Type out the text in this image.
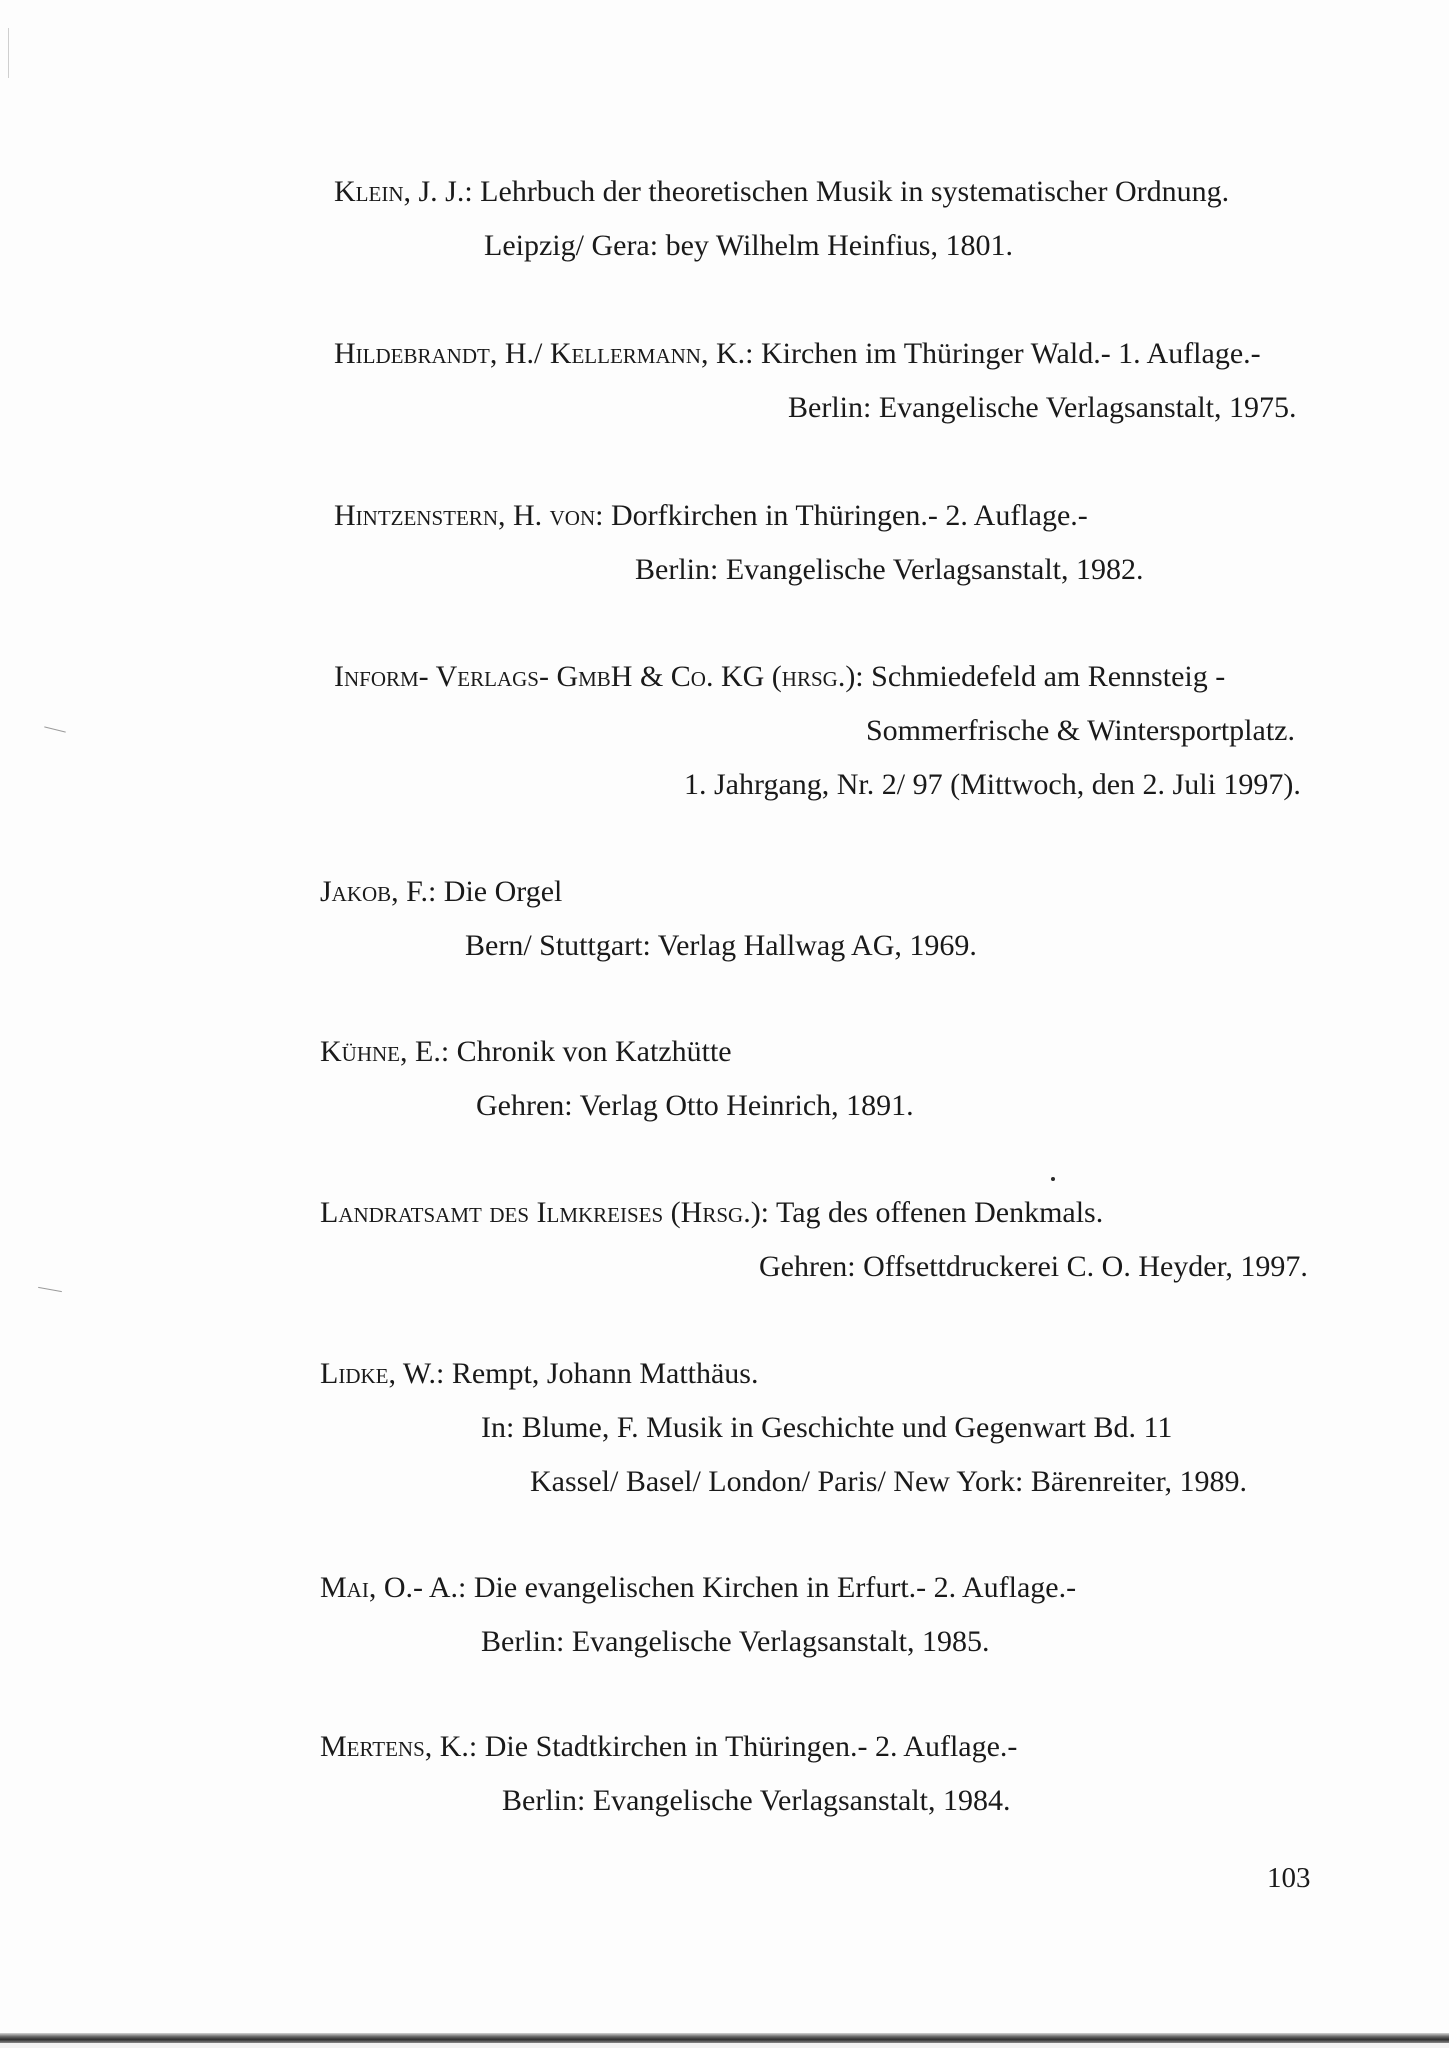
Klein, J. J.: Lehrbuch der theoretischen Musik in systematischer Ordnung.
Leipzig/ Gera: bey Wilhelm Heinfius, 1801.
Hildebrandt, H./ Kellermann, K.: Kirchen im Thüringer Wald.- 1. Auflage.-
Berlin: Evangelische Verlagsanstalt, 1975.
Hintzenstern, H. von: Dorfkirchen in Thüringen.- 2. Auflage.-
Berlin: Evangelische Verlagsanstalt, 1982.
Inform- Verlags- GmbH & Co. KG (hrsg.): Schmiedefeld am Rennsteig -
Sommerfrische & Wintersportplatz.
1. Jahrgang, Nr. 2/ 97 (Mittwoch, den 2. Juli 1997).
Jakob, F.: Die Orgel
Bern/ Stuttgart: Verlag Hallwag AG, 1969.
Kühne, E.: Chronik von Katzhütte
Gehren: Verlag Otto Heinrich, 1891.
Landratsamt des Ilmkreises (Hrsg.): Tag des offenen Denkmals.
Gehren: Offsettdruckerei C. O. Heyder, 1997.
Lidke, W.: Rempt, Johann Matthäus.
In: Blume, F. Musik in Geschichte und Gegenwart Bd. 11
Kassel/ Basel/ London/ Paris/ New York: Bärenreiter, 1989.
Mai, O.- A.: Die evangelischen Kirchen in Erfurt.- 2. Auflage.-
Berlin: Evangelische Verlagsanstalt, 1985.
Mertens, K.: Die Stadtkirchen in Thüringen.- 2. Auflage.-
Berlin: Evangelische Verlagsanstalt, 1984.
103
